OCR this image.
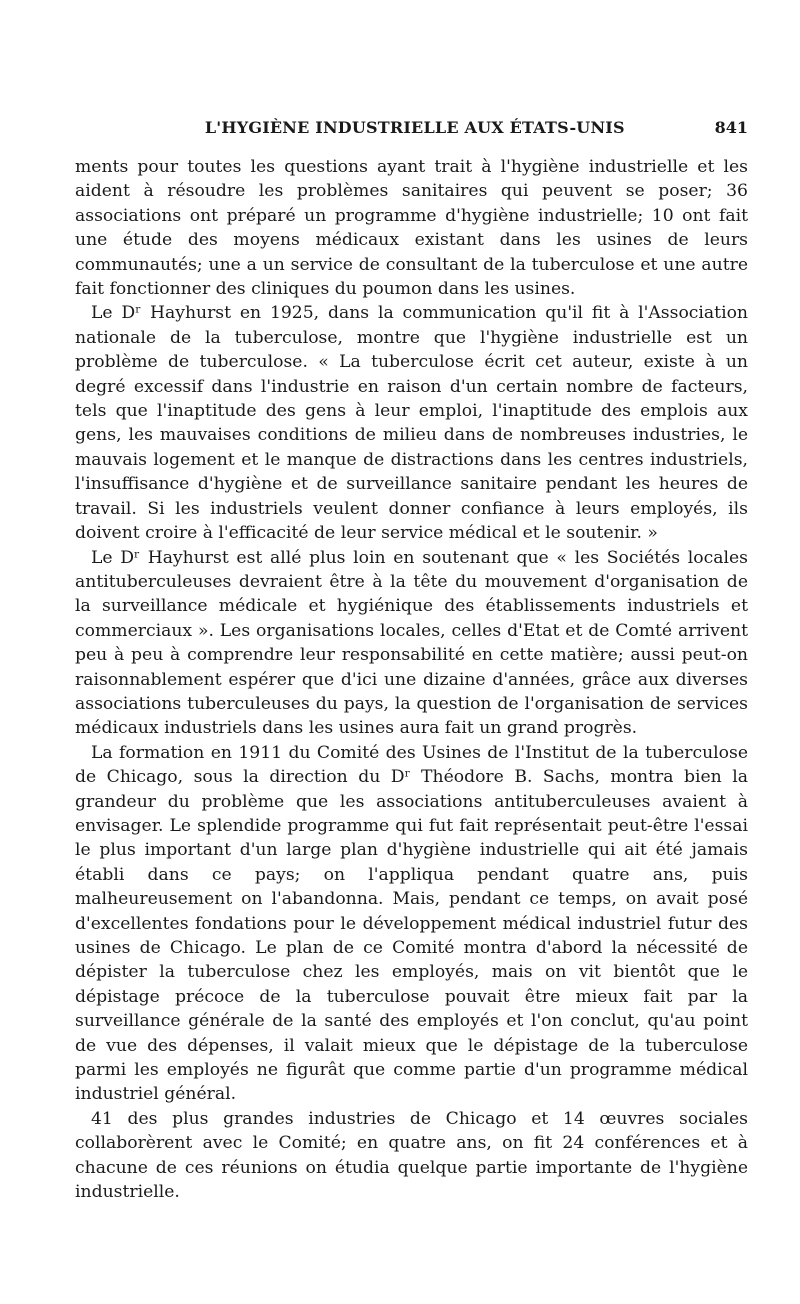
L'HYGIÈNE INDUSTRIELLE AUX ÉTATS-UNIS	841

ments pour toutes les questions ayant trait à l'hygiène industrielle et les aident à résoudre les problèmes sanitaires qui peuvent se poser; 36 associations ont préparé un programme d'hygiène industrielle; 10 ont fait une étude des moyens médicaux existant dans les usines de leurs communautés; une a un service de consultant de la tuberculose et une autre fait fonctionner des cliniques du poumon dans les usines.

Le Dʳ Hayhurst en 1925, dans la communication qu'il fit à l'Association nationale de la tuberculose, montre que l'hygiène industrielle est un problème de tuberculose. « La tuberculose écrit cet auteur, existe à un degré excessif dans l'industrie en raison d'un certain nombre de facteurs, tels que l'inaptitude des gens à leur emploi, l'inaptitude des emplois aux gens, les mauvaises conditions de milieu dans de nombreuses industries, le mauvais logement et le manque de distractions dans les centres industriels, l'insuffisance d'hygiène et de surveillance sanitaire pendant les heures de travail. Si les industriels veulent donner confiance à leurs employés, ils doivent croire à l'efficacité de leur service médical et le soutenir. »

Le Dʳ Hayhurst est allé plus loin en soutenant que « les Sociétés locales antituberculeuses devraient être à la tête du mouvement d'organisation de la surveillance médicale et hygiénique des établissements industriels et commerciaux ». Les organisations locales, celles d'Etat et de Comté arrivent peu à peu à comprendre leur responsabilité en cette matière; aussi peut-on raisonnablement espérer que d'ici une dizaine d'années, grâce aux diverses associations tuberculeuses du pays, la question de l'organisation de services médicaux industriels dans les usines aura fait un grand progrès.

La formation en 1911 du Comité des Usines de l'Institut de la tuberculose de Chicago, sous la direction du Dʳ Théodore B. Sachs, montra bien la grandeur du problème que les associations antituberculeuses avaient à envisager. Le splendide programme qui fut fait représentait peut-être l'essai le plus important d'un large plan d'hygiène industrielle qui ait été jamais établi dans ce pays; on l'appliqua pendant quatre ans, puis malheureusement on l'abandonna. Mais, pendant ce temps, on avait posé d'excellentes fondations pour le développement médical industriel futur des usines de Chicago. Le plan de ce Comité montra d'abord la nécessité de dépister la tuberculose chez les employés, mais on vit bientôt que le dépistage précoce de la tuberculose pouvait être mieux fait par la surveillance générale de la santé des employés et l'on conclut, qu'au point de vue des dépenses, il valait mieux que le dépistage de la tuberculose parmi les employés ne figurât que comme partie d'un programme médical industriel général.

41 des plus grandes industries de Chicago et 14 œuvres sociales collaborèrent avec le Comité; en quatre ans, on fit 24 conférences et à chacune de ces réunions on étudia quelque partie importante de l'hygiène industrielle.
